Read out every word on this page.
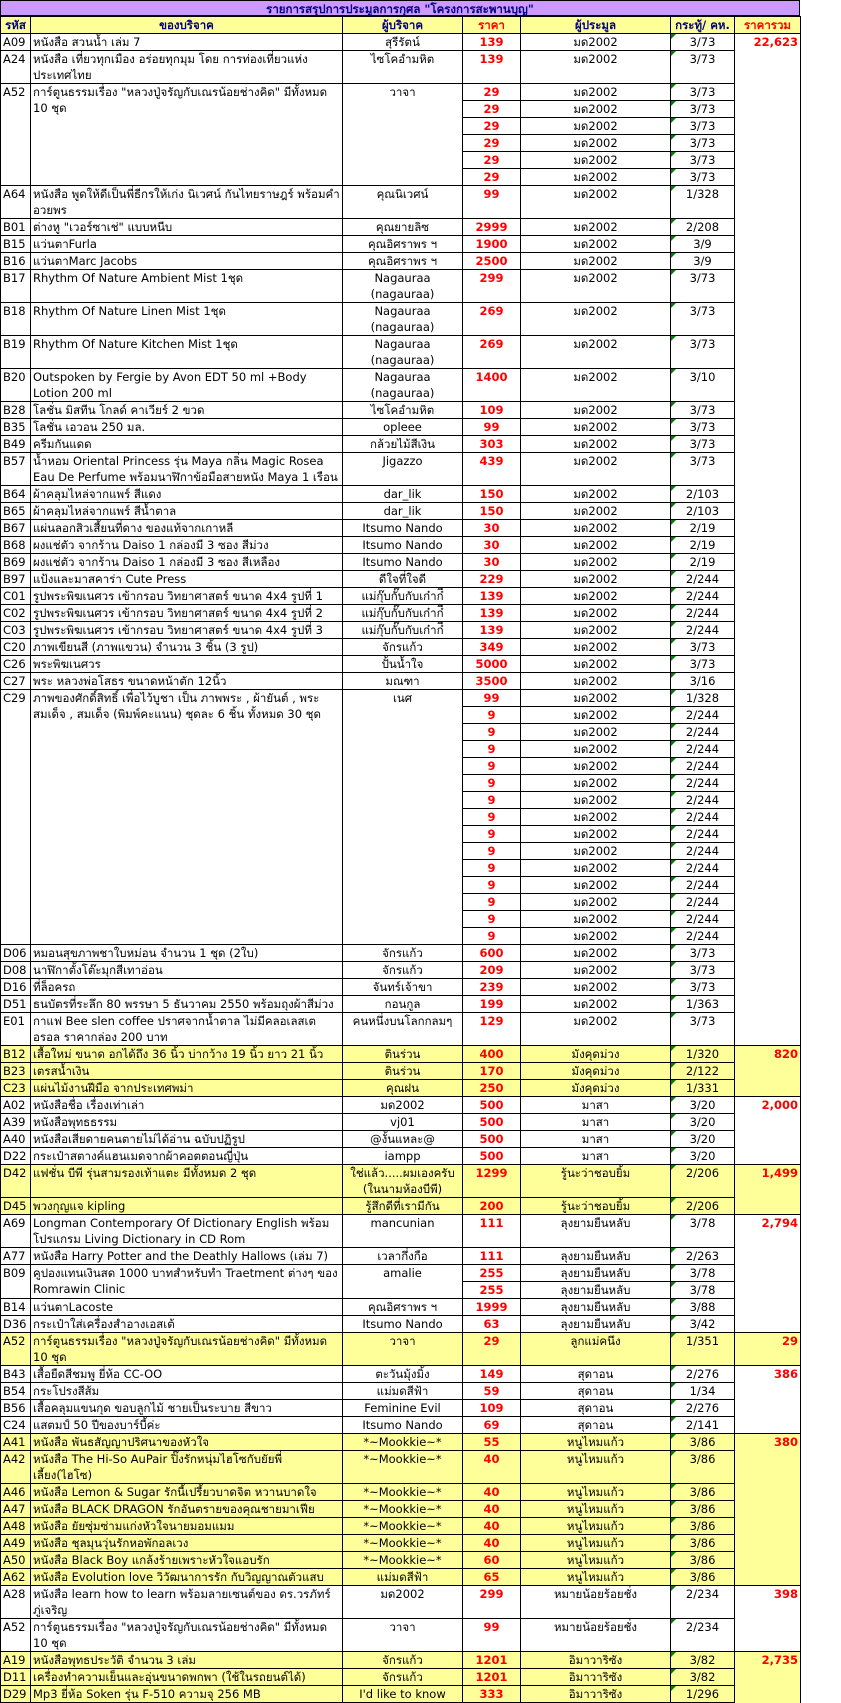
รายการสรุปการประมูลการกุศล "โครงการสะพานบุญ"
รหัส	ของบริจาค	ผู้บริจาค	ราคา	ผู้ประมูล	กระทู้/ คห.	ราคารวม
A09	หนังสือ สวนน้ำ เล่ม 7	สุรีรัตน์	139	มด2002	3/73	22,623
A24	หนังสือ เที่ยวทุกเมือง อร่อยทุกมุม โดย การท่องเที่ยวแห่งประเทศไทย	ไซโคอำมหิต	139	มด2002	3/73	
A52	การ์ตูนธรรมเรื่อง "หลวงปู่จรัญกับเณรน้อยช่างคิด" มีทั้งหมด 10 ชุด	วาจา	29	มด2002	3/73	
			29	มด2002	3/73	
			29	มด2002	3/73	
			29	มด2002	3/73	
			29	มด2002	3/73	
			29	มด2002	3/73	
A64	หนังสือ พูดให้ดีเป็นพี่ธีกรให้เก่ง นิเวศน์ กันไทยราษฎร์ พร้อมคำอวยพร	คุณนิเวศน์	99	มด2002	1/328	
B01	ต่างหู "เวอร์ซาเช่" แบบหนีบ	คุณยายลิซ	2999	มด2002	2/208	
B15	แว่นตาFurla	คุณอิศราพร ฯ	1900	มด2002	3/9	
B16	แว่นตาMarc Jacobs	คุณอิศราพร ฯ	2500	มด2002	3/9	
B17	Rhythm Of Nature Ambient Mist 1ชุด	Nagauraa (nagauraa)	299	มด2002	3/73	
B18	Rhythm Of Nature Linen Mist 1ชุด	Nagauraa (nagauraa)	269	มด2002	3/73	
B19	Rhythm Of Nature Kitchen Mist 1ชุด	Nagauraa (nagauraa)	269	มด2002	3/73	
B20	Outspoken by Fergie by Avon EDT 50 ml +Body Lotion 200 ml	Nagauraa (nagauraa)	1400	มด2002	3/10	
B28	โลชั่น มิสทีน โกลด์ คาเวียร์ 2 ขวด	ไซโคอำมหิต	109	มด2002	3/73	
B35	โลชั่น เอวอน 250 มล.	opleee	99	มด2002	3/73	
B49	ครีมกันแดด	กล้วยไม้สีเงิน	303	มด2002	3/73	
B57	น้ำหอม Oriental Princess รุ่น Maya กลิ่น Magic Rosea Eau De Perfume พร้อมนาฬิกาข้อมือสายหนัง Maya 1 เรือน	Jigazzo	439	มด2002	3/73	
B64	ผ้าคลุมไหล่จากแพร์ สีแดง	dar_lik	150	มด2002	2/103	
B65	ผ้าคลุมไหล่จากแพร์ สีน้ำตาล	dar_lik	150	มด2002	2/103	
B67	แผ่นลอกสิวเสี้ยนที่ดาง ของแท้จากเกาหลี	Itsumo Nando	30	มด2002	2/19	
B68	ผงแช่ตัว จากร้าน Daiso 1 กล่องมี 3 ซอง สีม่วง	Itsumo Nando	30	มด2002	2/19	
B69	ผงแช่ตัว จากร้าน Daiso 1 กล่องมี 3 ซอง สีเหลือง	Itsumo Nando	30	มด2002	2/19	
B97	แป้งและมาสคาร่า Cute Press	ดีใจที่ใจดี	229	มด2002	2/244	
C01	รูปพระพิฆเนศวร เข้ากรอบ วิทยาศาสตร์ ขนาด 4x4 รูปที่ 1	แม่กุ๊บกั๊บกับเก๋าก๋ี้	139	มด2002	2/244	
C02	รูปพระพิฆเนศวร เข้ากรอบ วิทยาศาสตร์ ขนาด 4x4 รูปที่ 2	แม่กุ๊บกั๊บกับเก๋าก๋ี้	139	มด2002	2/244	
C03	รูปพระพิฆเนศวร เข้ากรอบ วิทยาศาสตร์ ขนาด 4x4 รูปที่ 3	แม่กุ๊บกั๊บกับเก๋าก๋ี้	139	มด2002	2/244	
C20	ภาพเขียนสี (ภาพแขวน) จำนวน 3 ชิ้น (3 รูป)	จักรแก้ว	349	มด2002	3/73	
C26	พระพิฆเนศวร	ปั้นน้ำใจ	5000	มด2002	3/73	
C27	พระ หลวงพ่อโสธร ขนาดหน้าตัก 12นิ้ว	มณฑา	3500	มด2002	3/16	
C29	ภาพของศักดิ์สิทธิ์ เพื่อไว้บูชา เป็น ภาพพระ , ผ้ายันต์ , พระสมเด็จ , สมเด็จ (พิมพ์คะแนน) ชุดละ 6 ชิ้น ทั้งหมด 30 ชุด	เนศ	99	มด2002	1/328	
			9	มด2002	2/244	
			9	มด2002	2/244	
			9	มด2002	2/244	
			9	มด2002	2/244	
			9	มด2002	2/244	
			9	มด2002	2/244	
			9	มด2002	2/244	
			9	มด2002	2/244	
			9	มด2002	2/244	
			9	มด2002	2/244	
			9	มด2002	2/244	
			9	มด2002	2/244	
			9	มด2002	2/244	
			9	มด2002	2/244	
D06	หมอนสุขภาพชาใบหม่อน จำนวน 1 ชุด (2ใบ)	จักรแก้ว	600	มด2002	3/73	
D08	นาฬิกาตั้งโต๊ะมุกสีเทาอ่อน	จักรแก้ว	209	มด2002	3/73	
D16	ที่ล็อครถ	จันทร์เจ้าขา	239	มด2002	3/73	
D51	ธนบัตรที่ระลึก 80 พรรษา 5 ธันวาคม 2550 พร้อมถุงผ้าสีม่วง	กอนกูล	199	มด2002	1/363	
E01	กาแฟ Bee slen coffee ปราศจากน้ำตาล ไม่มีคลอเลสเตอรอล ราคากล่อง 200 บาท	คนหนึ่งบนโลกกลมๆ	129	มด2002	3/73	
B12	เสื้อใหม่ ขนาด อกได้ถึง 36 นิ้ว บ่ากว้าง 19 นิ้ว ยาว 21 นิ้ว	ตินร่วน	400	มังคุดม่วง	1/320	820
B23	เตรสน้ำเงิน	ตินร่วน	170	มังคุดม่วง	2/122	
C23	แผ่นไม้งานฝีมือ จากประเทศพม่า	คุณฝน	250	มังคุดม่วง	1/331	
A02	หนังสือชื่อ เรื่องเท่าเล่า	มด2002	500	มาสา	3/20	2,000
A39	หนังสือพุทธธรรม	vj01	500	มาสา	3/20	
A40	หนังสือเสียดายคนตายไม่ได้อ่าน ฉบับปฏิรูป	@งั้นแหละ@	500	มาสา	3/20	
D22	กระเป๋าสตางค์แฮนเมดจากผ้าคอตตอนญี่ปุ่น	iampp	500	มาสา	3/20	
D42	แฟชั่น บีพี รุ่นสามรองเท้าแตะ มีทั้งหมด 2 ชุด	ใช่แล้ว.....ผมเองครับ (ในนามห้องบีพี)	1299	รู้นะว่าชอบยิ้ม	2/206	1,499
D45	พวงกุญแจ kipling	รู้สึกดีที่เรามีกัน	200	รู้นะว่าชอบยิ้ม	2/206	
A69	Longman Contemporary Of Dictionary English พร้อมโปรแกรม Living Dictionary in CD Rom	mancunian	111	ลุงยามยืนหลับ	3/78	2,794
A77	หนังสือ Harry Potter and the Deathly Hallows (เล่ม 7)	เวลากึ่งกือ	111	ลุงยามยืนหลับ	2/263	
B09	คูปองแทนเงินสด 1000 บาทสำหรับทำ Traetment ต่างๆ ของ Romrawin Clinic	amalie	255	ลุงยามยืนหลับ	3/78	
			255	ลุงยามยืนหลับ	3/78	
B14	แว่นตาLacoste	คุณอิศราพร ฯ	1999	ลุงยามยืนหลับ	3/88	
D36	กระเป๋าใส่เครื่องสำอางเอสเต้	Itsumo Nando	63	ลุงยามยืนหลับ	3/42	
A52	การ์ตูนธรรมเรื่อง "หลวงปู่จรัญกับเณรน้อยช่างคิด" มีทั้งหมด 10 ชุด	วาจา	29	ลูกแม่คนึง	1/351	29
B43	เสื้อยืดสีชมพู ยี่ห้อ CC-OO	ตะวันมุ้งมิ้ง	149	สุดาอน	2/276	386
B54	กระโปรงสีส้ม	แม่มดสีฟ้า	59	สุดาอน	1/34	
B56	เสื้อคลุมแขนกุด ขอบลูกไม้ ชายเป็นระบาย สีขาว	Feminine Evil	109	สุดาอน	2/276	
C24	แสตมป์ 50 ปีของบาร์บี้ค่ะ	Itsumo Nando	69	สุดาอน	2/141	
A41	หนังสือ พันธสัญญาปริศนาของหัวใจ	*~Mookkie~*	55	หนูไหมแก้ว	3/86	380
A42	หนังสือ The Hi-So AuPair ปิ๊งรักหนุ่มไฮโซกับยัยพี่เลี้ยง(ไฮโซ)	*~Mookkie~*	40	หนูไหมแก้ว	3/86	
A46	หนังสือ Lemon & Sugar รักนี้เปรี้ยวบาดจิต หวานบาดใจ	*~Mookkie~*	40	หนูไหมแก้ว	3/86	
A47	หนังสือ BLACK DRAGON รักอันตรายของคุณชายมาเฟีย	*~Mookkie~*	40	หนูไหมแก้ว	3/86	
A48	หนังสือ ยัยซุ่มซ่ามแก่งหัวใจนายมอมแมม	*~Mookkie~*	40	หนูไหมแก้ว	3/86	
A49	หนังสือ ชุลมุนวุ่นรักหอพักอลเวง	*~Mookkie~*	40	หนูไหมแก้ว	3/86	
A50	หนังสือ Black Boy แกล้งร้ายเพราะหัวใจแอบรัก	*~Mookkie~*	60	หนูไหมแก้ว	3/86	
A62	หนังสือ Evolution love วิวัฒนาการรัก กับวิญญาณตัวแสบ	แม่มดสีฟ้า	65	หนูไหมแก้ว	3/86	
A28	หนังสือ learn how to learn พร้อมลายเซนต์ของ ดร.วรภัทร์ ภู่เจริญ	มด2002	299	หมายน้อยร้อยชั่ง	2/234	398
A52	การ์ตูนธรรมเรื่อง "หลวงปู่จรัญกับเณรน้อยช่างคิด" มีทั้งหมด 10 ชุด	วาจา	99	หมายน้อยร้อยชั่ง	2/234	
A19	หนังสือพุทธประวัติ จำนวน 3 เล่ม	จักรแก้ว	1201	อิมาวาริซัง	3/82	2,735
D11	เครื่องทำความเย็นและอุ่นขนาดพกพา (ใช้ในรถยนต์ได้)	จักรแก้ว	1201	อิมาวาริซัง	3/82	
D29	Mp3 ยี่ห้อ Soken รุ่น F-510 ความจุ 256 MB	I'd like to know	333	อิมาวาริซัง	1/296	
